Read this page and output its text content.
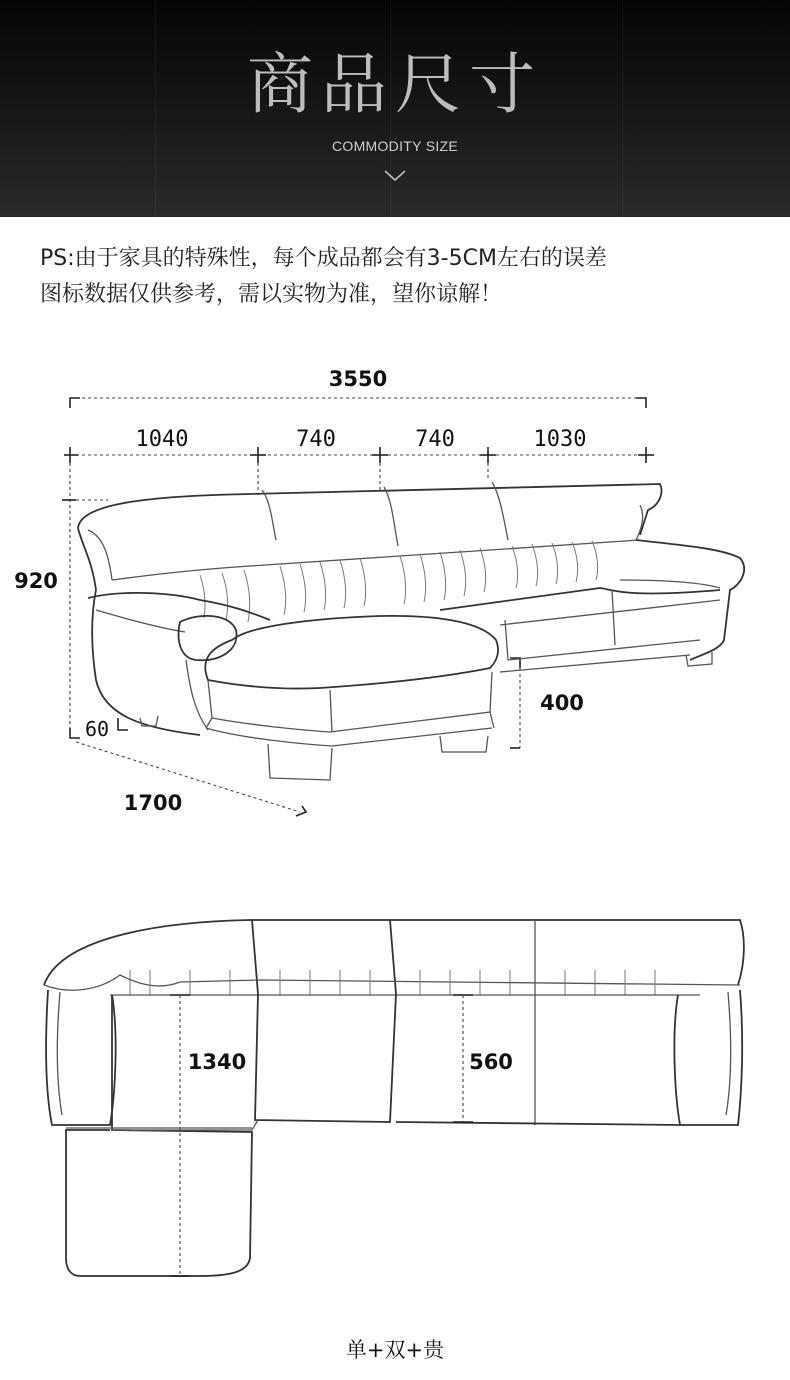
商品尺寸
COMMODITY SIZE
PS:由于家具的特殊性，每个成品都会有3-5CM左右的误差
图标数据仅供参考，需以实物为准，望你谅解！
3550
1040	740	740	1030
920
60
1700
400
1340	560
单+双+贵
